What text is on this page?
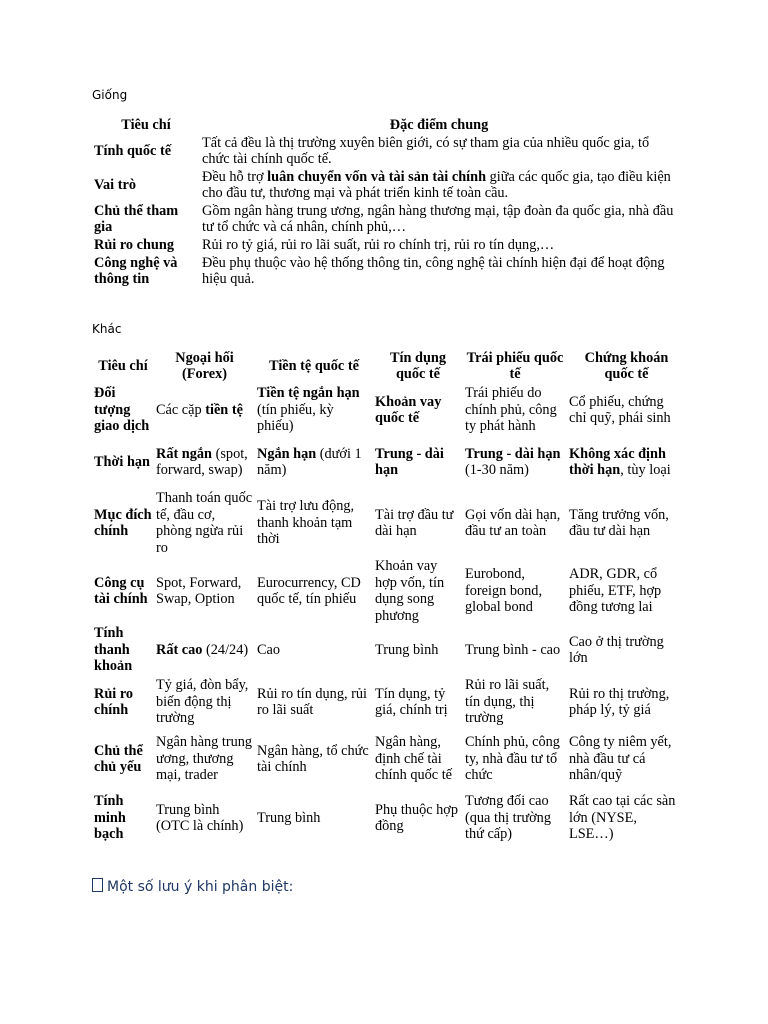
Giống
Tiêu chí	Đặc điểm chung
Tính quốc tế	Tất cả đều là thị trường xuyên biên giới, có sự tham gia của nhiều quốc gia, tổ chức tài chính quốc tế.
Vai trò	Đều hỗ trợ luân chuyển vốn và tài sản tài chính giữa các quốc gia, tạo điều kiện cho đầu tư, thương mại và phát triển kinh tế toàn cầu.
Chủ thể tham gia	Gồm ngân hàng trung ương, ngân hàng thương mại, tập đoàn đa quốc gia, nhà đầu tư tổ chức và cá nhân, chính phủ,…
Rủi ro chung	Rủi ro tỷ giá, rủi ro lãi suất, rủi ro chính trị, rủi ro tín dụng,…
Công nghệ và thông tin	Đều phụ thuộc vào hệ thống thông tin, công nghệ tài chính hiện đại để hoạt động hiệu quả.
Khác
Tiêu chí	Ngoại hối (Forex)	Tiền tệ quốc tế	Tín dụng quốc tế	Trái phiếu quốc tế	Chứng khoán quốc tế
Đối tượng giao dịch	Các cặp tiền tệ	Tiền tệ ngắn hạn (tín phiếu, kỳ phiếu)	Khoản vay quốc tế	Trái phiếu do chính phủ, công ty phát hành	Cổ phiếu, chứng chỉ quỹ, phái sinh
Thời hạn	Rất ngắn (spot, forward, swap)	Ngắn hạn (dưới 1 năm)	Trung - dài hạn	Trung - dài hạn (1-30 năm)	Không xác định thời hạn, tùy loại
Mục đích chính	Thanh toán quốc tế, đầu cơ, phòng ngừa rủi ro	Tài trợ lưu động, thanh khoản tạm thời	Tài trợ đầu tư dài hạn	Gọi vốn dài hạn, đầu tư an toàn	Tăng trưởng vốn, đầu tư dài hạn
Công cụ tài chính	Spot, Forward, Swap, Option	Eurocurrency, CD quốc tế, tín phiếu	Khoản vay hợp vốn, tín dụng song phương	Eurobond, foreign bond, global bond	ADR, GDR, cổ phiếu, ETF, hợp đồng tương lai
Tính thanh khoản	Rất cao (24/24)	Cao	Trung bình	Trung bình - cao	Cao ở thị trường lớn
Rủi ro chính	Tỷ giá, đòn bẩy, biến động thị trường	Rủi ro tín dụng, rủi ro lãi suất	Tín dụng, tỷ giá, chính trị	Rủi ro lãi suất, tín dụng, thị trường	Rủi ro thị trường, pháp lý, tỷ giá
Chủ thể chủ yếu	Ngân hàng trung ương, thương mại, trader	Ngân hàng, tổ chức tài chính	Ngân hàng, định chế tài chính quốc tế	Chính phủ, công ty, nhà đầu tư tổ chức	Công ty niêm yết, nhà đầu tư cá nhân/quỹ
Tính minh bạch	Trung bình (OTC là chính)	Trung bình	Phụ thuộc hợp đồng	Tương đối cao (qua thị trường thứ cấp)	Rất cao tại các sàn lớn (NYSE, LSE…)
Một số lưu ý khi phân biệt:
